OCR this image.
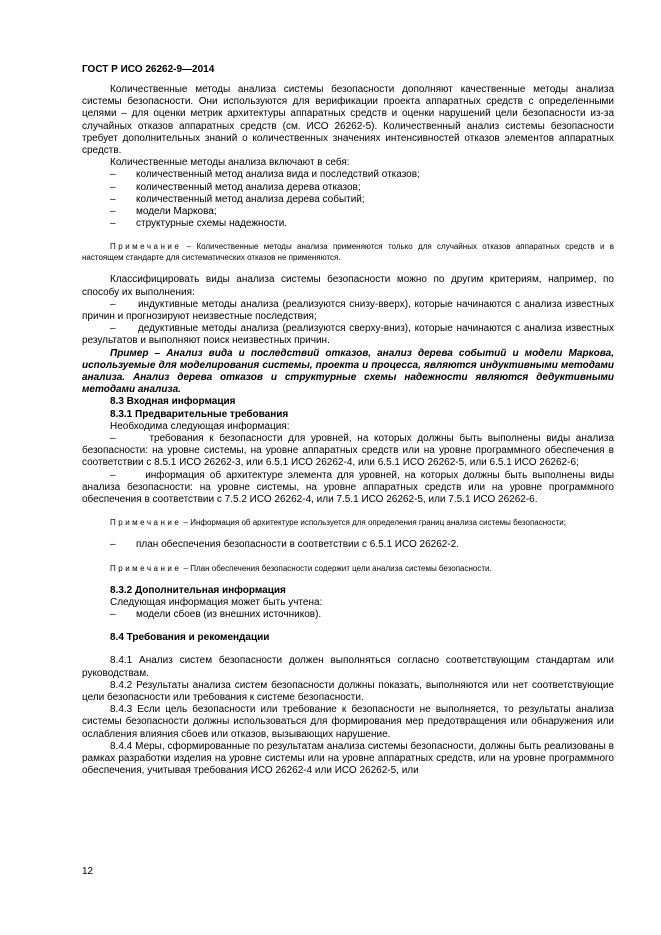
ГОСТ Р ИСО 26262-9—2014

Количественные методы анализа системы безопасности дополняют качественные методы анализа системы безопасности. Они используются для верификации проекта аппаратных средств с определенными целями – для оценки метрик архитектуры аппаратных средств и оценки нарушений цели безопасности из-за случайных отказов аппаратных средств (см. ИСО 26262-5). Количественный анализ системы безопасности требует дополнительных знаний о количественных значениях интенсивностей отказов элементов аппаратных средств.

Количественные методы анализа включают в себя:

–	количественный метод анализа вида и последствий отказов;
–	количественный метод анализа дерева отказов;
–	количественный метод анализа дерева событий;
–	модели Маркова;
–	структурные схемы надежности.

Примечание – Количественные методы анализа применяются только для случайных отказов аппаратных средств и в настоящем стандарте для систематических отказов не применяются.

Классифицировать виды анализа системы безопасности можно по другим критериям, например, по способу их выполнения:

– индуктивные методы анализа (реализуются снизу-вверх), которые начинаются с анализа известных причин и прогнозируют неизвестные последствия;

– дедуктивные методы анализа (реализуются сверху-вниз), которые начинаются с анализа известных результатов и выполняют поиск неизвестных причин.

Пример – Анализ вида и последствий отказов, анализ дерева событий и модели Маркова, используемые для моделирования системы, проекта и процесса, являются индуктивными методами анализа. Анализ дерева отказов и структурные схемы надежности являются дедуктивными методами анализа.

8.3 Входная информация

8.3.1 Предварительные требования

Необходима следующая информация:

–	требования к безопасности для уровней, на которых должны быть выполнены виды анализа безопасности: на уровне системы, на уровне аппаратных средств или на уровне программного обеспечения в соответствии с 8.5.1 ИСО 26262-3, или 6.5.1 ИСО 26262-4, или 6.5.1 ИСО 26262-5, или 6.5.1 ИСО 26262-6;

–	информация об архитектуре элемента для уровней, на которых должны быть выполнены виды анализа безопасности: на уровне системы, на уровне аппаратных средств или на уровне программного обеспечения в соответствии с 7.5.2 ИСО 26262-4, или 7.5.1 ИСО 26262-5, или 7.5.1 ИСО 26262-6.

Примечание – Информация об архитектуре используется для определения границ анализа системы безопасности;

–	план обеспечения безопасности в соответствии с 6.5.1 ИСО 26262-2.

Примечание – План обеспечения безопасности содержит цели анализа системы безопасности.

8.3.2 Дополнительная информация

Следующая информация может быть учтена:

–	модели сбоев (из внешних источников).

8.4 Требования и рекомендации

8.4.1 Анализ систем безопасности должен выполняться согласно соответствующим стандартам или руководствам.

8.4.2 Результаты анализа систем безопасности должны показать, выполняются или нет соответствующие цели безопасности или требования к системе безопасности.

8.4.3 Если цель безопасности или требование к безопасности не выполняется, то результаты анализа системы безопасности должны использоваться для формирования мер предотвращения или обнаружения или ослабления влияния сбоев или отказов, вызывающих нарушение.

8.4.4 Меры, сформированные по результатам анализа системы безопасности, должны быть реализованы в рамках разработки изделия на уровне системы или на уровне аппаратных средств, или на уровне программного обеспечения, учитывая требования ИСО 26262-4 или ИСО 26262-5, или

12
